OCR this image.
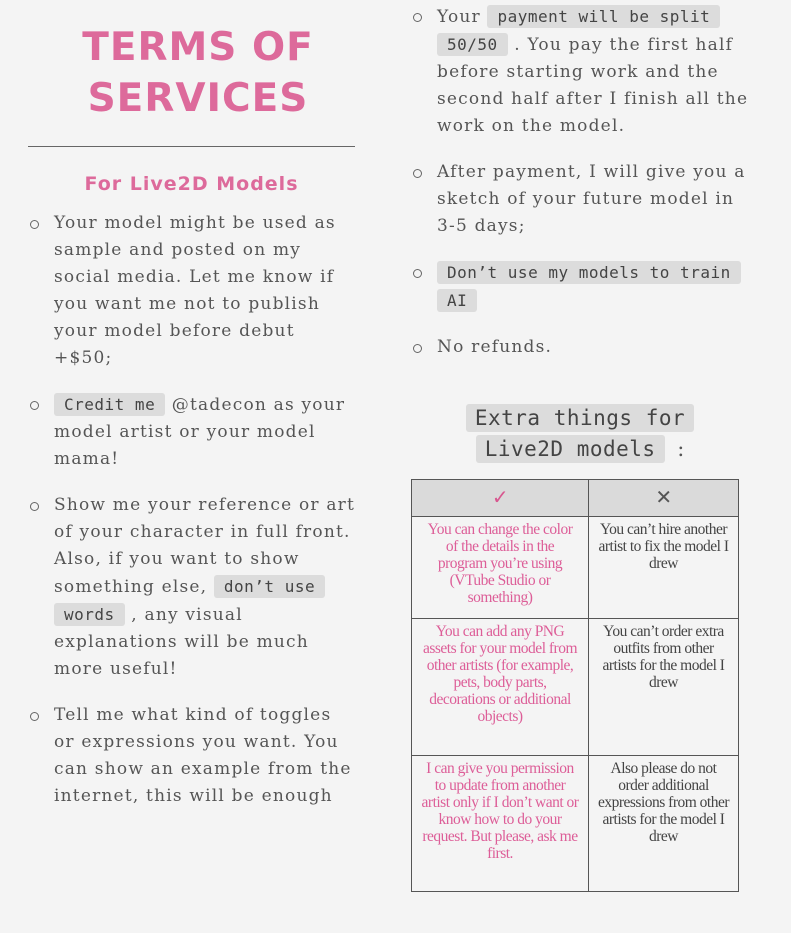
TERMS OF
SERVICES
For Live2D Models
Your model might be used as sample and posted on my social media. Let me know if you want me not to publish your model before debut +$50;
Credit me @tadecon as your model artist or your model mama!
Show me your reference or art of your character in full front. Also, if you want to show something else, don’t use words , any visual explanations will be much more useful!
Tell me what kind of toggles or expressions you want. You can show an example from the internet, this will be enough
Your payment will be split 50/50 . You pay the first half before starting work and the second half after I finish all the work on the model.
After payment, I will give you a sketch of your future model in 3-5 days;
Don’t use my models to train AI
No refunds.

Extra things for Live2D models :

✓	✕
You can change the color of the details in the program you’re using (VTube Studio or something)	You can’t hire another artist to fix the model I drew
You can add any PNG assets for your model from other artists (for example, pets, body parts, decorations or additional objects)	You can’t order extra outfits from other artists for the model I drew
I can give you permission to update from another artist only if I don’t want or know how to do your request. But please, ask me first.	Also please do not order additional expressions from other artists for the model I drew
